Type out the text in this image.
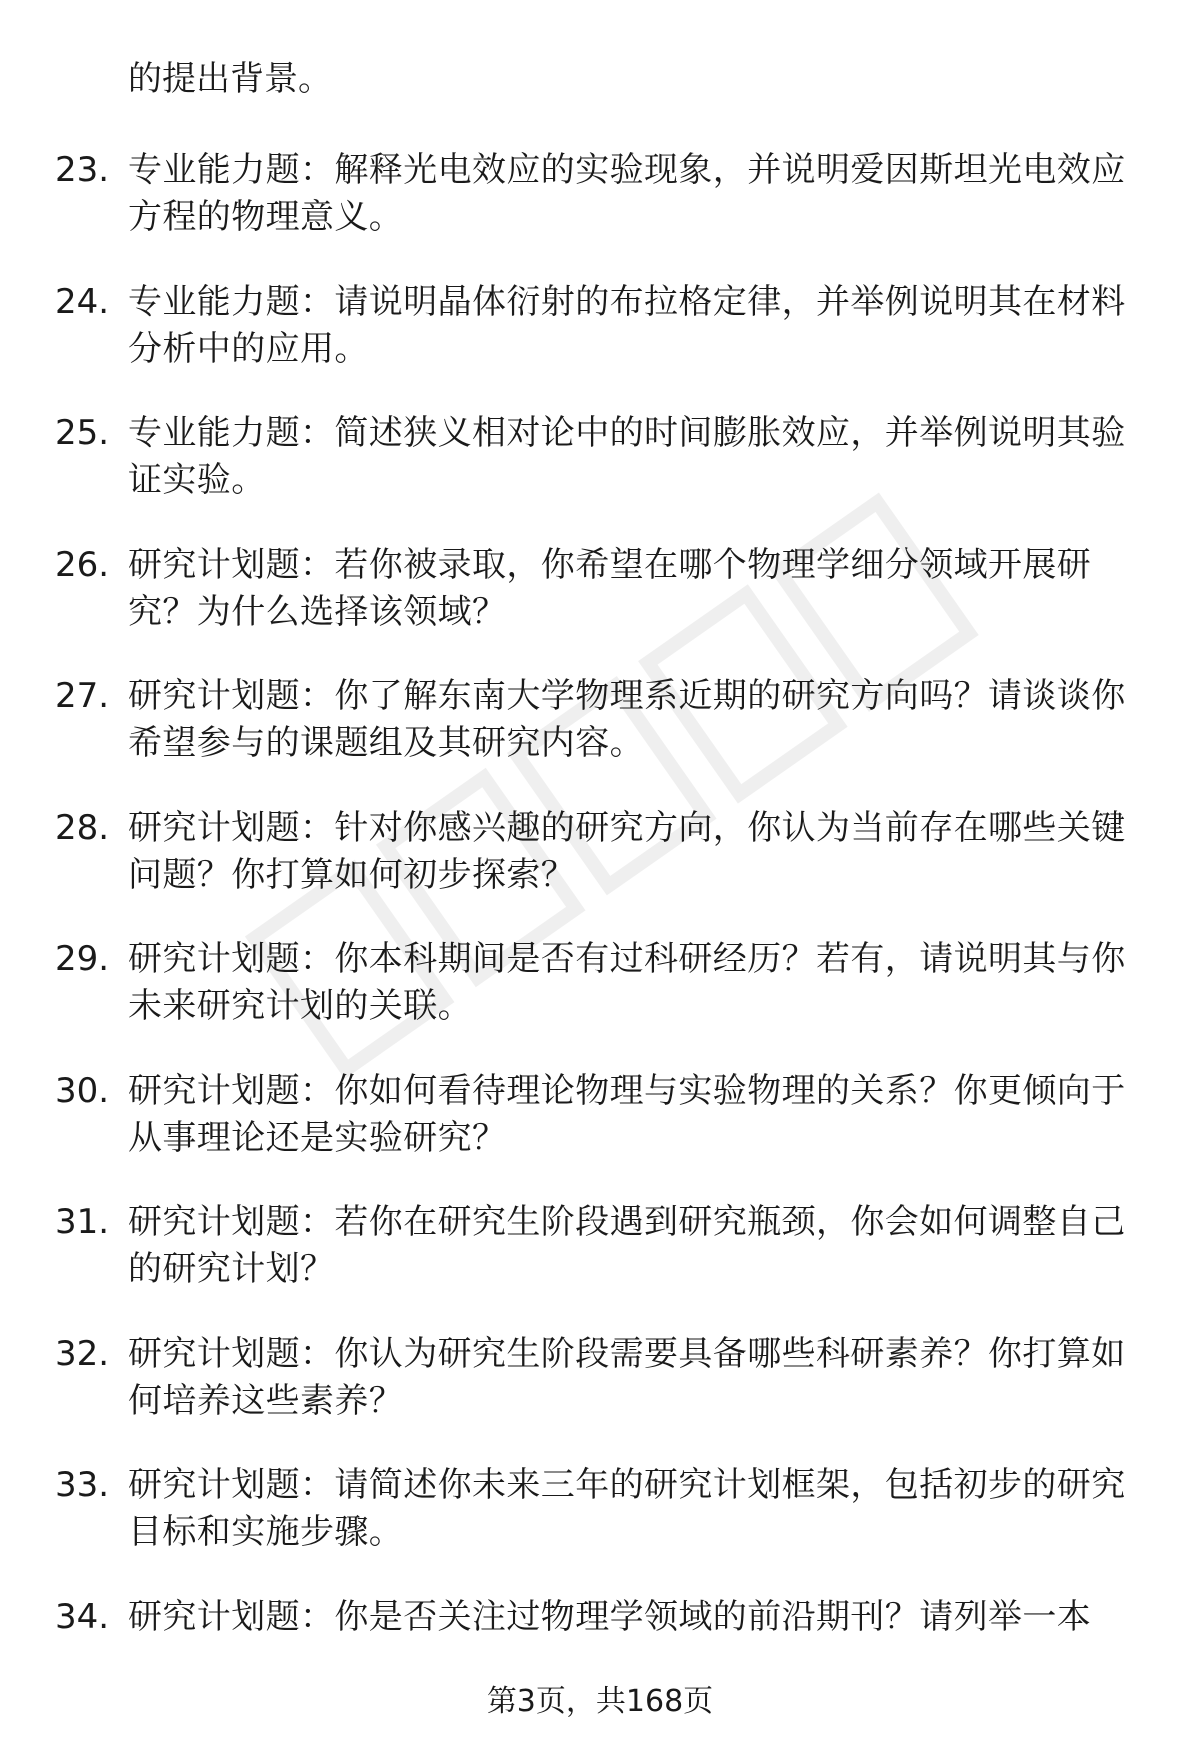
的提出背景。
23. 专业能力题：解释光电效应的实验现象，并说明爱因斯坦光电效应方程的物理意义。
24. 专业能力题：请说明晶体衍射的布拉格定律，并举例说明其在材料分析中的应用。
25. 专业能力题：简述狭义相对论中的时间膨胀效应，并举例说明其验证实验。
26. 研究计划题：若你被录取，你希望在哪个物理学细分领域开展研究？为什么选择该领域？
27. 研究计划题：你了解东南大学物理系近期的研究方向吗？请谈谈你希望参与的课题组及其研究内容。
28. 研究计划题：针对你感兴趣的研究方向，你认为当前存在哪些关键问题？你打算如何初步探索？
29. 研究计划题：你本科期间是否有过科研经历？若有，请说明其与你未来研究计划的关联。
30. 研究计划题：你如何看待理论物理与实验物理的关系？你更倾向于从事理论还是实验研究？
31. 研究计划题：若你在研究生阶段遇到研究瓶颈，你会如何调整自己的研究计划？
32. 研究计划题：你认为研究生阶段需要具备哪些科研素养？你打算如何培养这些素养？
33. 研究计划题：请简述你未来三年的研究计划框架，包括初步的研究目标和实施步骤。
34. 研究计划题：你是否关注过物理学领域的前沿期刊？请列举一本
第3页，共168页
